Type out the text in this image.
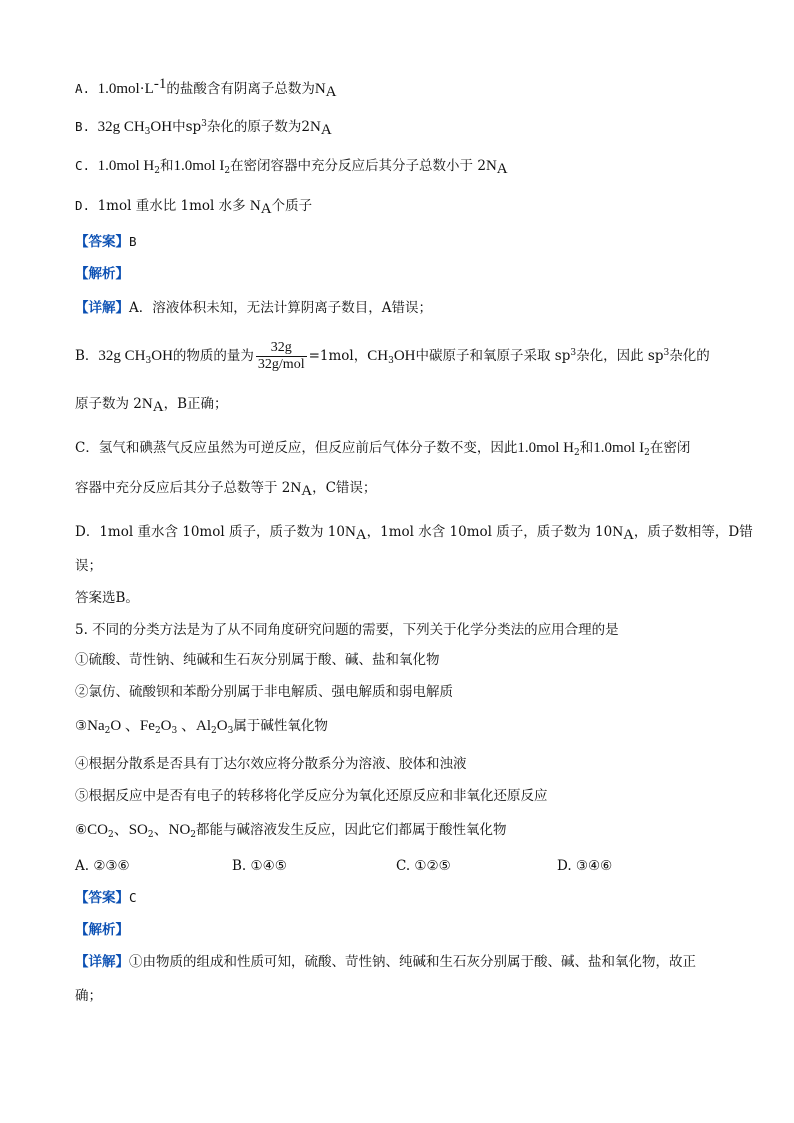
A. $1.0mol\cdot L^{-1}$的盐酸含有阴离子总数为$N_A$
B. 32g $CH_3OH$中$sp^3$杂化的原子数为$2N_A$
C. 1.0mol $H_2$和1.0mol $I_2$在密闭容器中充分反应后其分子总数小于 $2N_A$
D. 1mol 重水比 1mol 水多 $N_A$个质子
【答案】B
【解析】
【详解】A．溶液体积未知，无法计算阴离子数目，A错误；
B．32g $CH_3OH$的物质的量为 $\frac{32g}{\text{32g/mol}} =1mol$，$CH_3OH$中碳原子和氧原子采取 $sp^3$杂化，因此 $sp^3$杂化的
原子数为 $2N_A$，B正确；
C．氢气和碘蒸气反应虽然为可逆反应，但反应前后气体分子数不变，因此1.0mol $H_2$和1.0mol $I_2$在密闭
容器中充分反应后其分子总数等于 $2N_A$，C错误；
D．1mol 重水含 10mol 质子，质子数为 $10N_A$，1mol 水含 10mol 质子，质子数为 $10N_A$，质子数相等，D错
误；
答案选B。
5. 不同的分类方法是为了从不同角度研究问题的需要，下列关于化学分类法的应用合理的是
①硫酸、苛性钠、纯碱和生石灰分别属于酸、碱、盐和氧化物
②氯仿、硫酸钡和苯酚分别属于非电解质、强电解质和弱电解质
$③Na_2O$ 、$Fe_2O_3$ 、$Al_2O_3$属于碱性氧化物
④根据分散系是否具有丁达尔效应将分散系分为溶液、胶体和浊液
⑤根据反应中是否有电子的转移将化学反应分为氧化还原反应和非氧化还原反应
$⑥CO_2$、$SO_2$、$NO_2$都能与碱溶液发生反应，因此它们都属于酸性氧化物
A. ②③⑥	B. ①④⑤	C. ①②⑤	D. ③④⑥
【答案】C
【解析】
【详解】①由物质的组成和性质可知，硫酸、苛性钠、纯碱和生石灰分别属于酸、碱、盐和氧化物，故正
确；
